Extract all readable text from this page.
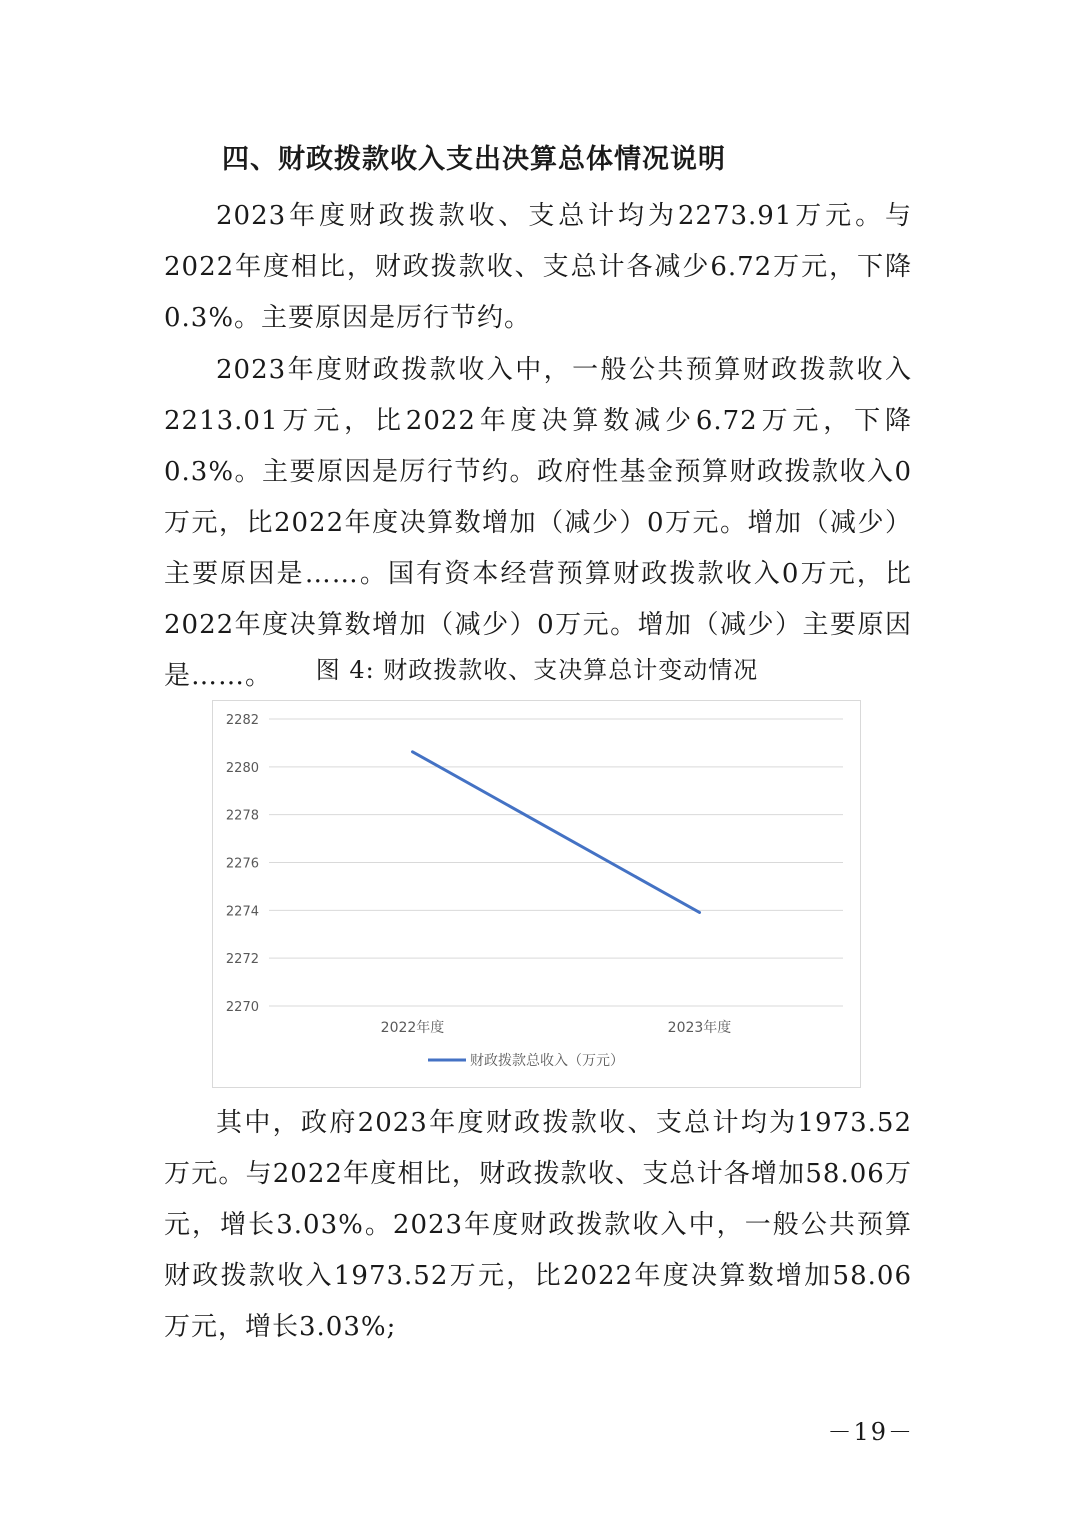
四、财政拨款收入支出决算总体情况说明
2023年度财政拨款收、支总计均为2273.91万元。与2022年度相比，财政拨款收、支总计各减少6.72万元，下降0.3%。主要原因是厉行节约。
2023年度财政拨款收入中，一般公共预算财政拨款收入2213.01万元，比2022年度决算数减少6.72万元，下降0.3%。主要原因是厉行节约。政府性基金预算财政拨款收入0万元，比2022年度决算数增加（减少）0万元。增加（减少）主要原因是……。国有资本经营预算财政拨款收入0万元，比2022年度决算数增加（减少）0万元。增加（减少）主要原因是……。	图 4: 财政拨款收、支决算总计变动情况
2270
2272
2274
2276
2278
2280
2282
2022年度	2023年度
财政拨款总收入（万元）
其中，政府2023年度财政拨款收、支总计均为1973.52万元。与2022年度相比，财政拨款收、支总计各增加58.06万元，增长3.03%。2023年度财政拨款收入中，一般公共预算财政拨款收入1973.52万元，比2022年度决算数增加58.06万元，增长3.03%;
－19－
